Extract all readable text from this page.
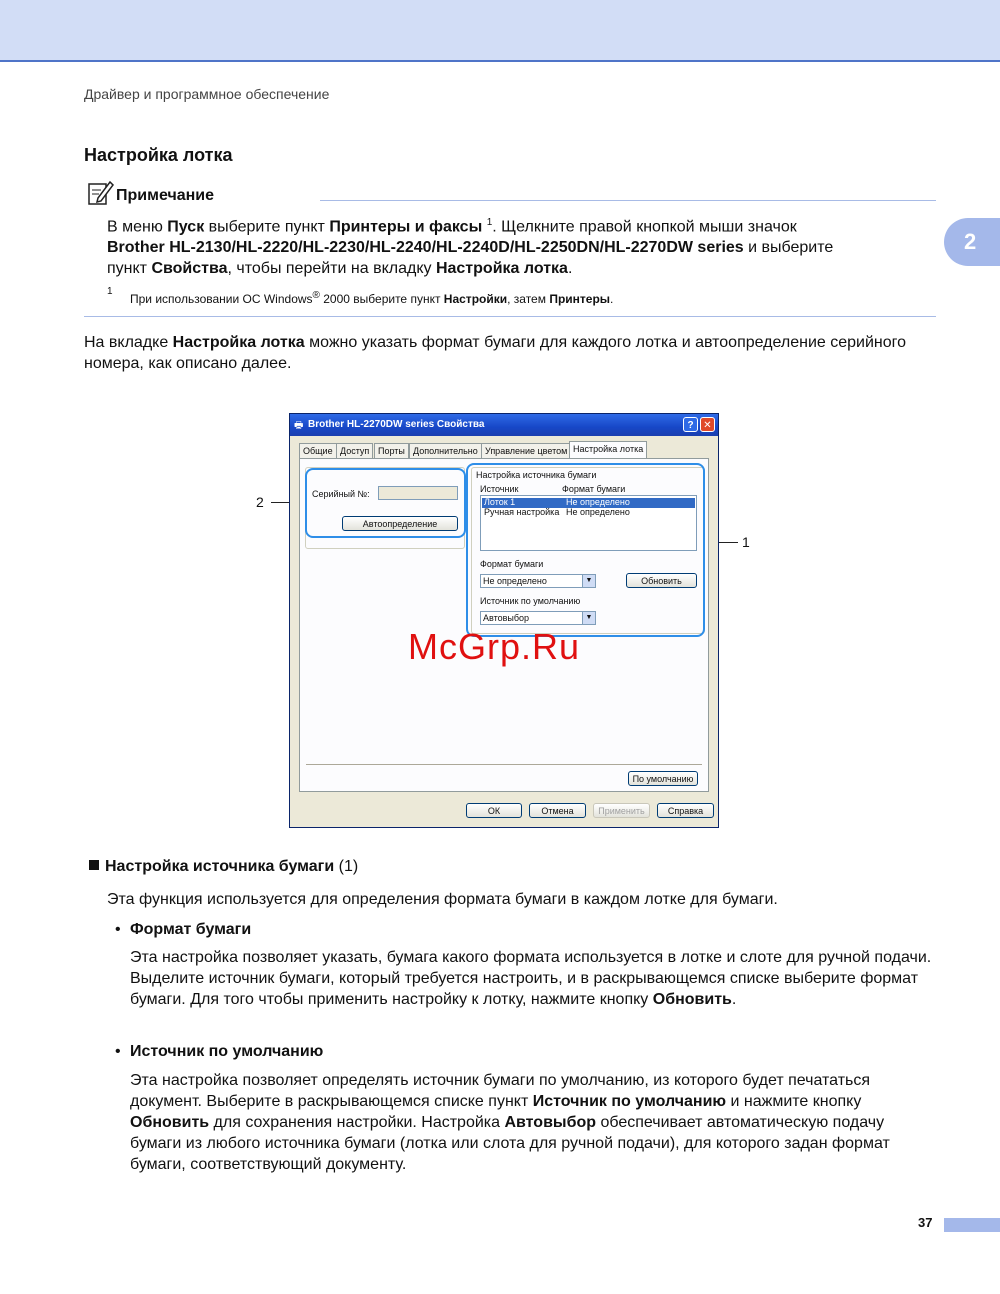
Драйвер и программное обеспечение
2
Настройка лотка
Примечание
В меню Пуск выберите пункт Принтеры и факсы $^1$. Щелкните правой кнопкой мыши значок
Brother HL-2130/HL-2220/HL-2230/HL-2240/HL-2240D/HL-2250DN/HL-2270DW series и выберите
пункт Свойства, чтобы перейти на вкладку Настройка лотка.
1
При использовании ОС Windows® 2000 выберите пункт Настройки, затем Принтеры.
На вкладке Настройка лотка можно указать формат бумаги для каждого лотка и автоопределение серийного номера, как описано далее.
2
1
🖶 Brother HL-2270DW series Свойства	? ✕
Общие Доступ Порты Дополнительно Управление цветом Настройка лотка
Серийный №:
Автоопределение
Настройка источника бумаги
Источник	Формат бумаги
Лоток 1	Не определено
Ручная настройка Не определено
Формат бумаги
Не определено	▼	Обновить
Источник по умолчанию
Автовыбор	▼
По умолчанию
ОК	Отмена	Применить	Справка
McGrp.Ru
Настройка источника бумаги (1)
Эта функция используется для определения формата бумаги в каждом лотке для бумаги.
• Формат бумаги
Эта настройка позволяет указать, бумага какого формата используется в лотке и слоте для ручной подачи. Выделите источник бумаги, который требуется настроить, и в раскрывающемся списке выберите формат бумаги. Для того чтобы применить настройку к лотку, нажмите кнопку Обновить.
• Источник по умолчанию
Эта настройка позволяет определять источник бумаги по умолчанию, из которого будет печататься документ. Выберите в раскрывающемся списке пункт Источник по умолчанию и нажмите кнопку Обновить для сохранения настройки. Настройка Автовыбор обеспечивает автоматическую подачу бумаги из любого источника бумаги (лотка или слота для ручной подачи), для которого задан формат бумаги, соответствующий документу.
37
